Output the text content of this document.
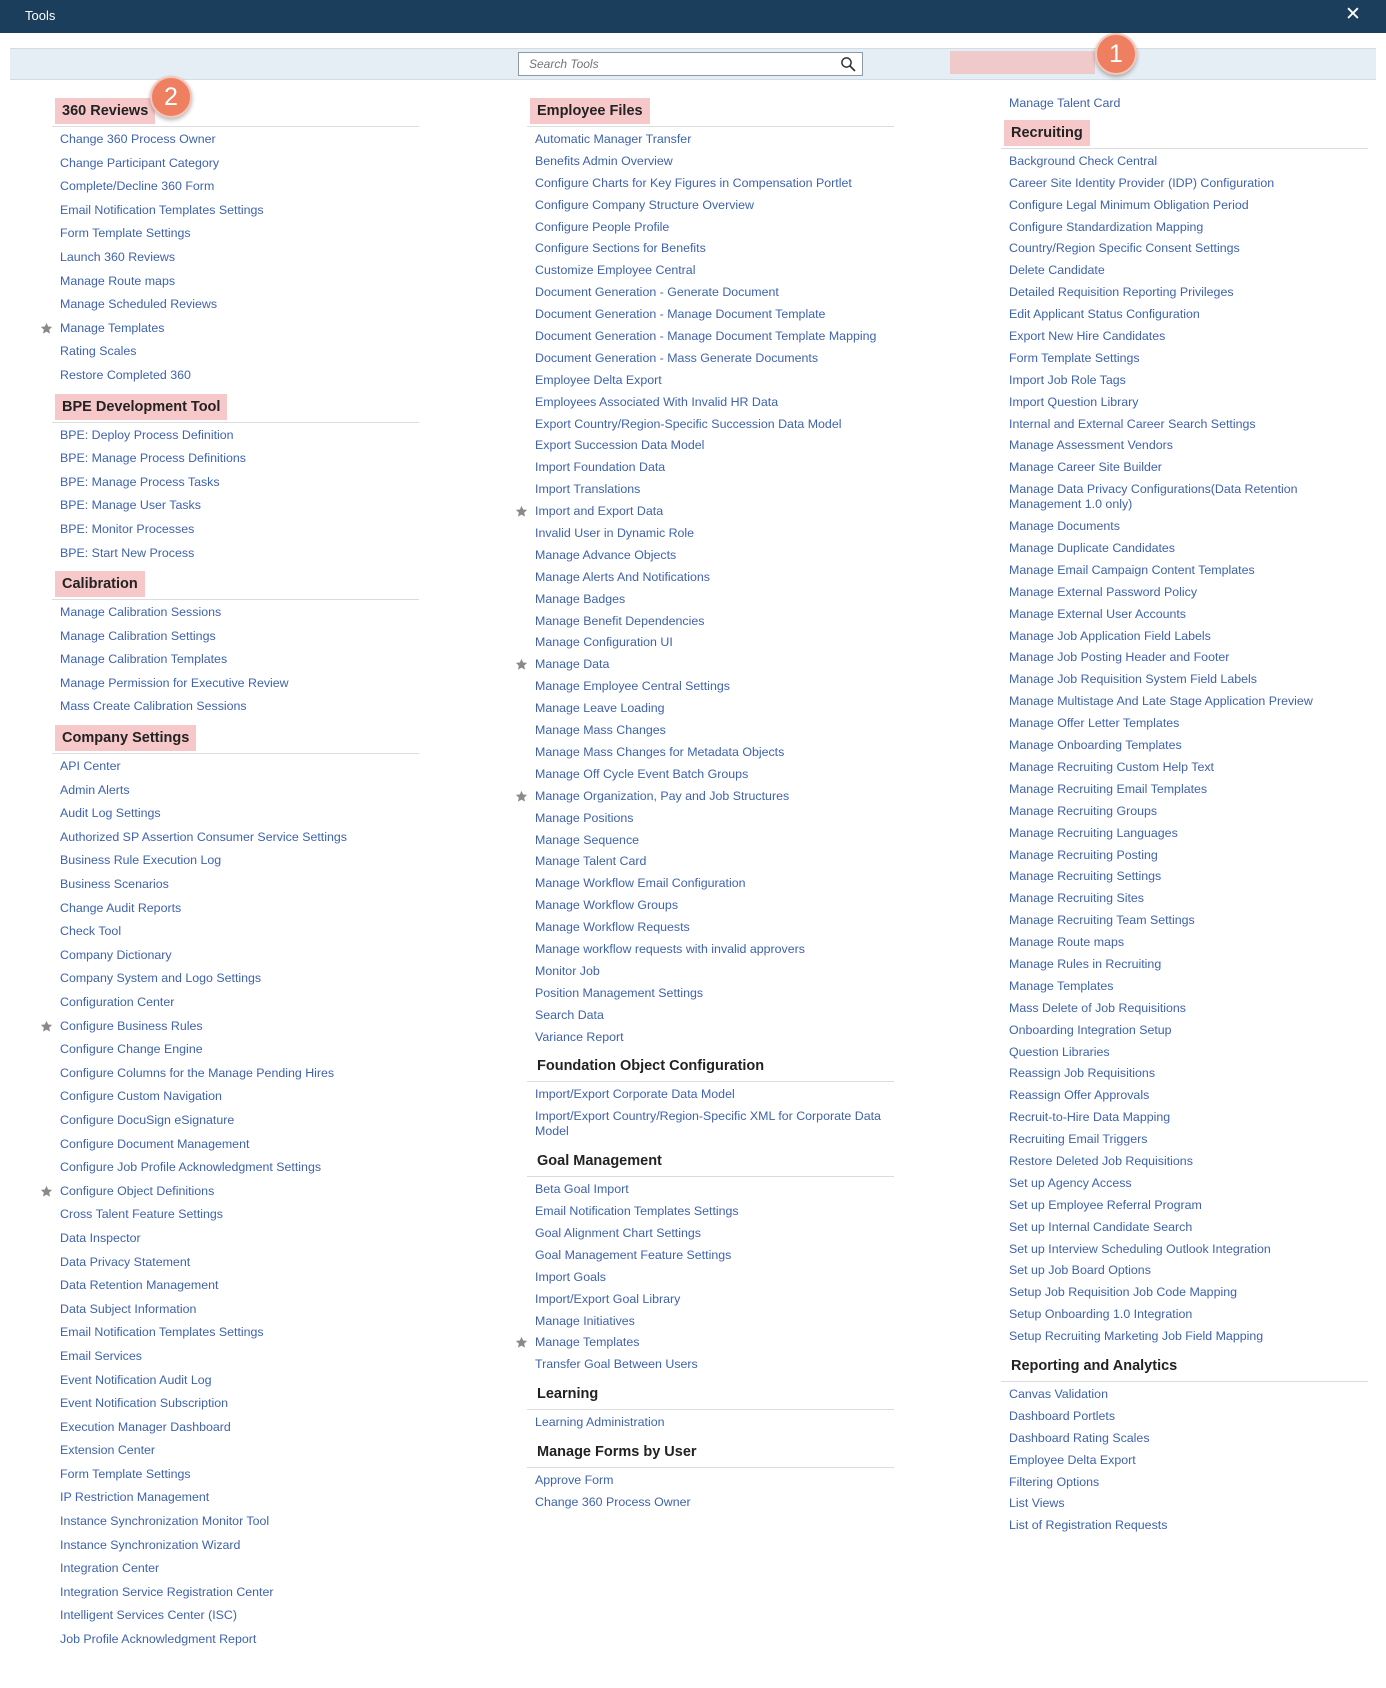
Tools	✕
Search Tools
360 Reviews
Change 360 Process Owner
Change Participant Category
Complete/Decline 360 Form
Email Notification Templates Settings
Form Template Settings
Launch 360 Reviews
Manage Route maps
Manage Scheduled Reviews
Manage Templates
Rating Scales
Restore Completed 360
BPE Development Tool
BPE: Deploy Process Definition
BPE: Manage Process Definitions
BPE: Manage Process Tasks
BPE: Manage User Tasks
BPE: Monitor Processes
BPE: Start New Process
Calibration
Manage Calibration Sessions
Manage Calibration Settings
Manage Calibration Templates
Manage Permission for Executive Review
Mass Create Calibration Sessions
Company Settings
API Center
Admin Alerts
Audit Log Settings
Authorized SP Assertion Consumer Service Settings
Business Rule Execution Log
Business Scenarios
Change Audit Reports
Check Tool
Company Dictionary
Company System and Logo Settings
Configuration Center
Configure Business Rules
Configure Change Engine
Configure Columns for the Manage Pending Hires
Configure Custom Navigation
Configure DocuSign eSignature
Configure Document Management
Configure Job Profile Acknowledgment Settings
Configure Object Definitions
Cross Talent Feature Settings
Data Inspector
Data Privacy Statement
Data Retention Management
Data Subject Information
Email Notification Templates Settings
Email Services
Event Notification Audit Log
Event Notification Subscription
Execution Manager Dashboard
Extension Center
Form Template Settings
IP Restriction Management
Instance Synchronization Monitor Tool
Instance Synchronization Wizard
Integration Center
Integration Service Registration Center
Intelligent Services Center (ISC)
Job Profile Acknowledgment Report
Employee Files
Automatic Manager Transfer
Benefits Admin Overview
Configure Charts for Key Figures in Compensation Portlet
Configure Company Structure Overview
Configure People Profile
Configure Sections for Benefits
Customize Employee Central
Document Generation - Generate Document
Document Generation - Manage Document Template
Document Generation - Manage Document Template Mapping
Document Generation - Mass Generate Documents
Employee Delta Export
Employees Associated With Invalid HR Data
Export Country/Region-Specific Succession Data Model
Export Succession Data Model
Import Foundation Data
Import Translations
Import and Export Data
Invalid User in Dynamic Role
Manage Advance Objects
Manage Alerts And Notifications
Manage Badges
Manage Benefit Dependencies
Manage Configuration UI
Manage Data
Manage Employee Central Settings
Manage Leave Loading
Manage Mass Changes
Manage Mass Changes for Metadata Objects
Manage Off Cycle Event Batch Groups
Manage Organization, Pay and Job Structures
Manage Positions
Manage Sequence
Manage Talent Card
Manage Workflow Email Configuration
Manage Workflow Groups
Manage Workflow Requests
Manage workflow requests with invalid approvers
Monitor Job
Position Management Settings
Search Data
Variance Report
Foundation Object Configuration
Import/Export Corporate Data Model
Import/Export Country/Region-Specific XML for Corporate Data Model
Goal Management
Beta Goal Import
Email Notification Templates Settings
Goal Alignment Chart Settings
Goal Management Feature Settings
Import Goals
Import/Export Goal Library
Manage Initiatives
Manage Templates
Transfer Goal Between Users
Learning
Learning Administration
Manage Forms by User
Approve Form
Change 360 Process Owner
Manage Talent Card
Recruiting
Background Check Central
Career Site Identity Provider (IDP) Configuration
Configure Legal Minimum Obligation Period
Configure Standardization Mapping
Country/Region Specific Consent Settings
Delete Candidate
Detailed Requisition Reporting Privileges
Edit Applicant Status Configuration
Export New Hire Candidates
Form Template Settings
Import Job Role Tags
Import Question Library
Internal and External Career Search Settings
Manage Assessment Vendors
Manage Career Site Builder
Manage Data Privacy Configurations(Data Retention Management 1.0 only)
Manage Documents
Manage Duplicate Candidates
Manage Email Campaign Content Templates
Manage External Password Policy
Manage External User Accounts
Manage Job Application Field Labels
Manage Job Posting Header and Footer
Manage Job Requisition System Field Labels
Manage Multistage And Late Stage Application Preview
Manage Offer Letter Templates
Manage Onboarding Templates
Manage Recruiting Custom Help Text
Manage Recruiting Email Templates
Manage Recruiting Groups
Manage Recruiting Languages
Manage Recruiting Posting
Manage Recruiting Settings
Manage Recruiting Sites
Manage Recruiting Team Settings
Manage Route maps
Manage Rules in Recruiting
Manage Templates
Mass Delete of Job Requisitions
Onboarding Integration Setup
Question Libraries
Reassign Job Requisitions
Reassign Offer Approvals
Recruit-to-Hire Data Mapping
Recruiting Email Triggers
Restore Deleted Job Requisitions
Set up Agency Access
Set up Employee Referral Program
Set up Internal Candidate Search
Set up Interview Scheduling Outlook Integration
Set up Job Board Options
Setup Job Requisition Job Code Mapping
Setup Onboarding 1.0 Integration
Setup Recruiting Marketing Job Field Mapping
Reporting and Analytics
Canvas Validation
Dashboard Portlets
Dashboard Rating Scales
Employee Delta Export
Filtering Options
List Views
List of Registration Requests
1
2
